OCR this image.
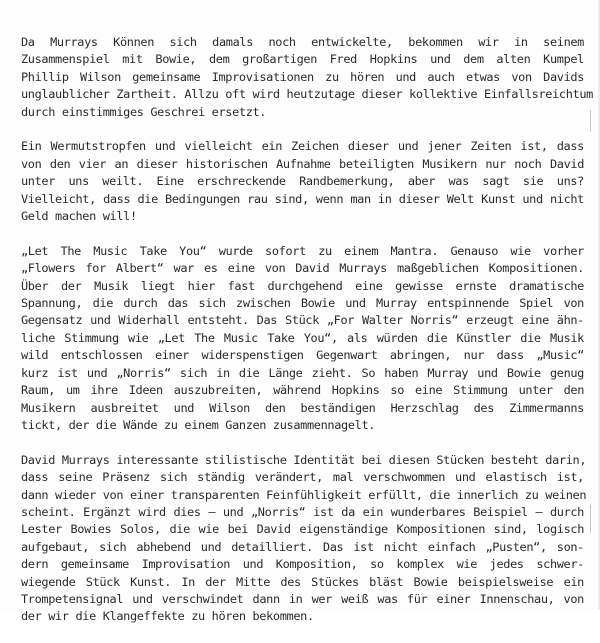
Da Murrays Können sich damals noch entwickelte, bekommen wir in seinem
Zusammenspiel mit Bowie, dem großartigen Fred Hopkins und dem alten Kumpel
Phillip Wilson gemeinsame Improvisationen zu hören und auch etwas von Davids
unglaublicher Zartheit. Allzu oft wird heutzutage dieser kollektive Einfallsreichtum
durch einstimmiges Geschrei ersetzt.

Ein Wermutstropfen und vielleicht ein Zeichen dieser und jener Zeiten ist, dass
von den vier an dieser historischen Aufnahme beteiligten Musikern nur noch David
unter uns weilt. Eine erschreckende Randbemerkung, aber was sagt sie uns?
Vielleicht, dass die Bedingungen rau sind, wenn man in dieser Welt Kunst und nicht
Geld machen will!

„Let The Music Take You“ wurde sofort zu einem Mantra. Genauso wie vorher
„Flowers for Albert“ war es eine von David Murrays maßgeblichen Kompositionen.
Über der Musik liegt hier fast durchgehend eine gewisse ernste dramatische
Spannung, die durch das sich zwischen Bowie und Murray entspinnende Spiel von
Gegensatz und Widerhall entsteht. Das Stück „For Walter Norris“ erzeugt eine ähn-
liche Stimmung wie „Let The Music Take You“, als würden die Künstler die Musik
wild entschlossen einer widerspenstigen Gegenwart abringen, nur dass „Music“
kurz ist und „Norris“ sich in die Länge zieht. So haben Murray und Bowie genug
Raum, um ihre Ideen auszubreiten, während Hopkins so eine Stimmung unter den
Musikern ausbreitet und Wilson den beständigen Herzschlag des Zimmermanns
tickt, der die Wände zu einem Ganzen zusammennagelt.

David Murrays interessante stilistische Identität bei diesen Stücken besteht darin,
dass seine Präsenz sich ständig verändert, mal verschwommen und elastisch ist,
dann wieder von einer transparenten Feinfühligkeit erfüllt, die innerlich zu weinen
scheint. Ergänzt wird dies – und „Norris“ ist da ein wunderbares Beispiel – durch
Lester Bowies Solos, die wie bei David eigenständige Kompositionen sind, logisch
aufgebaut, sich abhebend und detailliert. Das ist nicht einfach „Pusten“, son-
dern gemeinsame Improvisation und Komposition, so komplex wie jedes schwer-
wiegende Stück Kunst. In der Mitte des Stückes bläst Bowie beispielsweise ein
Trompetensignal und verschwindet dann in wer weiß was für einer Innenschau, von
der wir die Klangeffekte zu hören bekommen.
